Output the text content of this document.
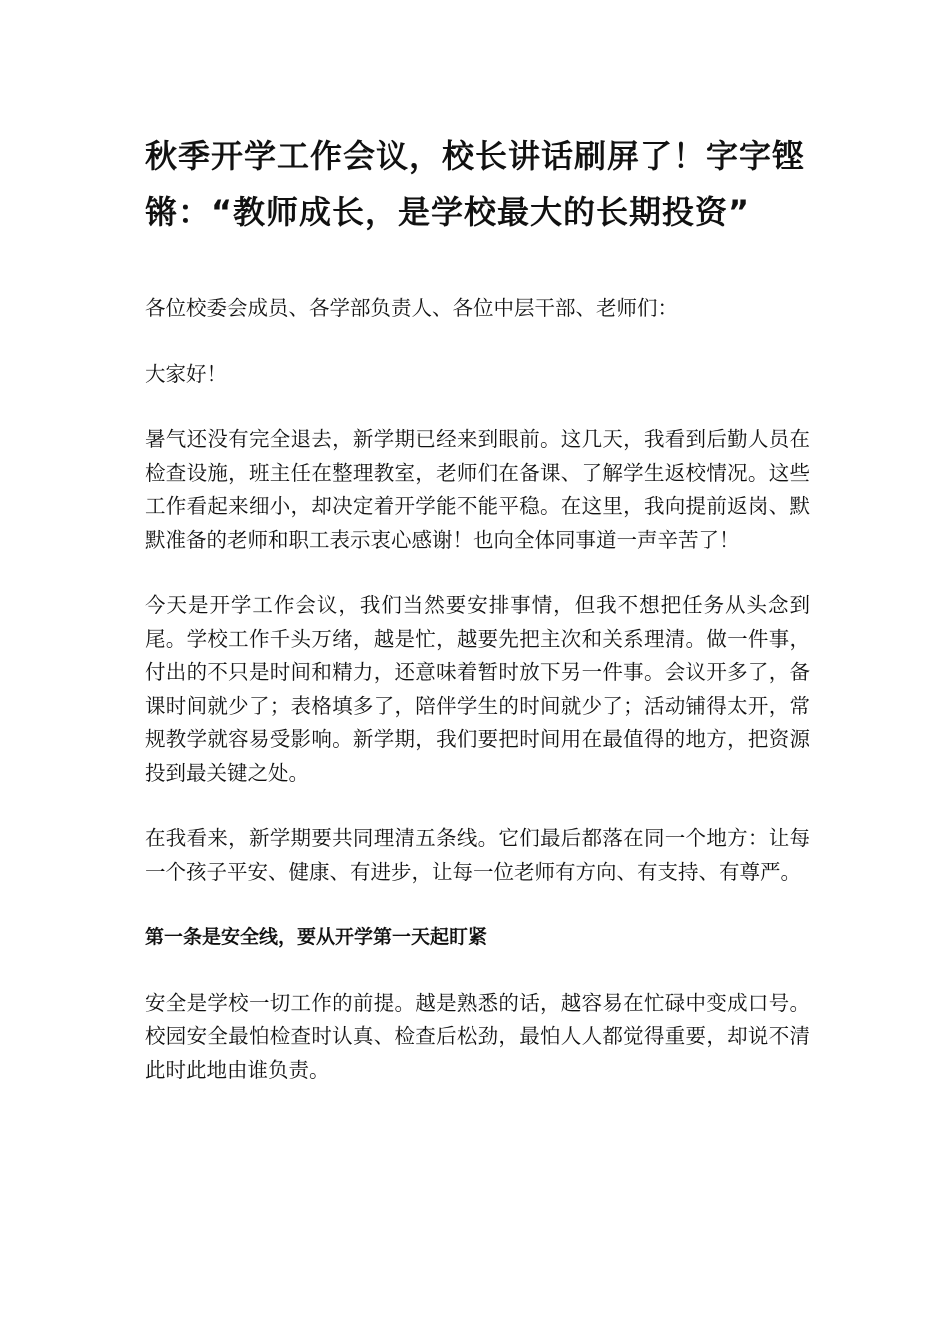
秋季开学工作会议，校长讲话刷屏了！字字铿锵：“教师成长，是学校最大的长期投资”

各位校委会成员、各学部负责人、各位中层干部、老师们：

大家好！

暑气还没有完全退去，新学期已经来到眼前。这几天，我看到后勤人员在检查设施，班主任在整理教室，老师们在备课、了解学生返校情况。这些工作看起来细小，却决定着开学能不能平稳。在这里，我向提前返岗、默默准备的老师和职工表示衷心感谢！也向全体同事道一声辛苦了！

今天是开学工作会议，我们当然要安排事情，但我不想把任务从头念到尾。学校工作千头万绪，越是忙，越要先把主次和关系理清。做一件事，付出的不只是时间和精力，还意味着暂时放下另一件事。会议开多了，备课时间就少了；表格填多了，陪伴学生的时间就少了；活动铺得太开，常规教学就容易受影响。新学期，我们要把时间用在最值得的地方，把资源投到最关键之处。

在我看来，新学期要共同理清五条线。它们最后都落在同一个地方：让每一个孩子平安、健康、有进步，让每一位老师有方向、有支持、有尊严。

第一条是安全线，要从开学第一天起盯紧

安全是学校一切工作的前提。越是熟悉的话，越容易在忙碌中变成口号。校园安全最怕检查时认真、检查后松劲，最怕人人都觉得重要，却说不清此时此地由谁负责。
